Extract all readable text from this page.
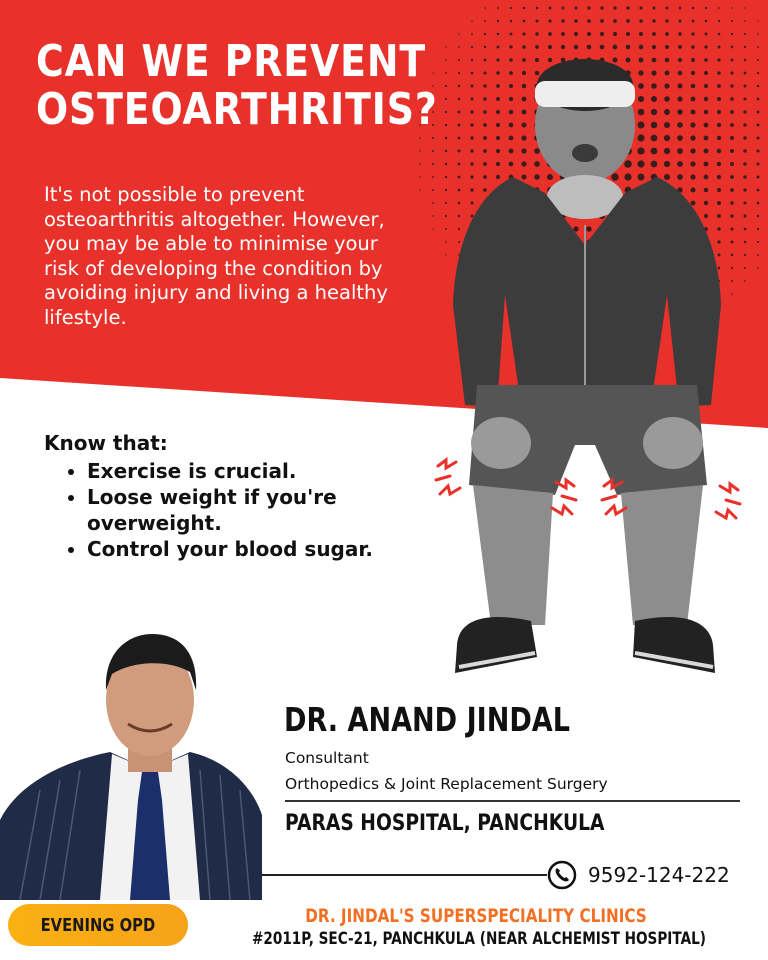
CAN WE PREVENT
OSTEOARTHRITIS?

It's not possible to prevent osteoarthritis altogether. However, you may be able to minimise your risk of developing the condition by avoiding injury and living a healthy lifestyle.

Know that:
• Exercise is crucial.
• Loose weight if you're overweight.
• Control your blood sugar.
DR. ANAND JINDAL
Consultant
Orthopedics & Joint Replacement Surgery
PARAS HOSPITAL, PANCHKULA
9592-124-222
EVENING OPD	DR. JINDAL'S SUPERSPECIALITY CLINICS
#2011P, SEC-21, PANCHKULA (NEAR ALCHEMIST HOSPITAL)
